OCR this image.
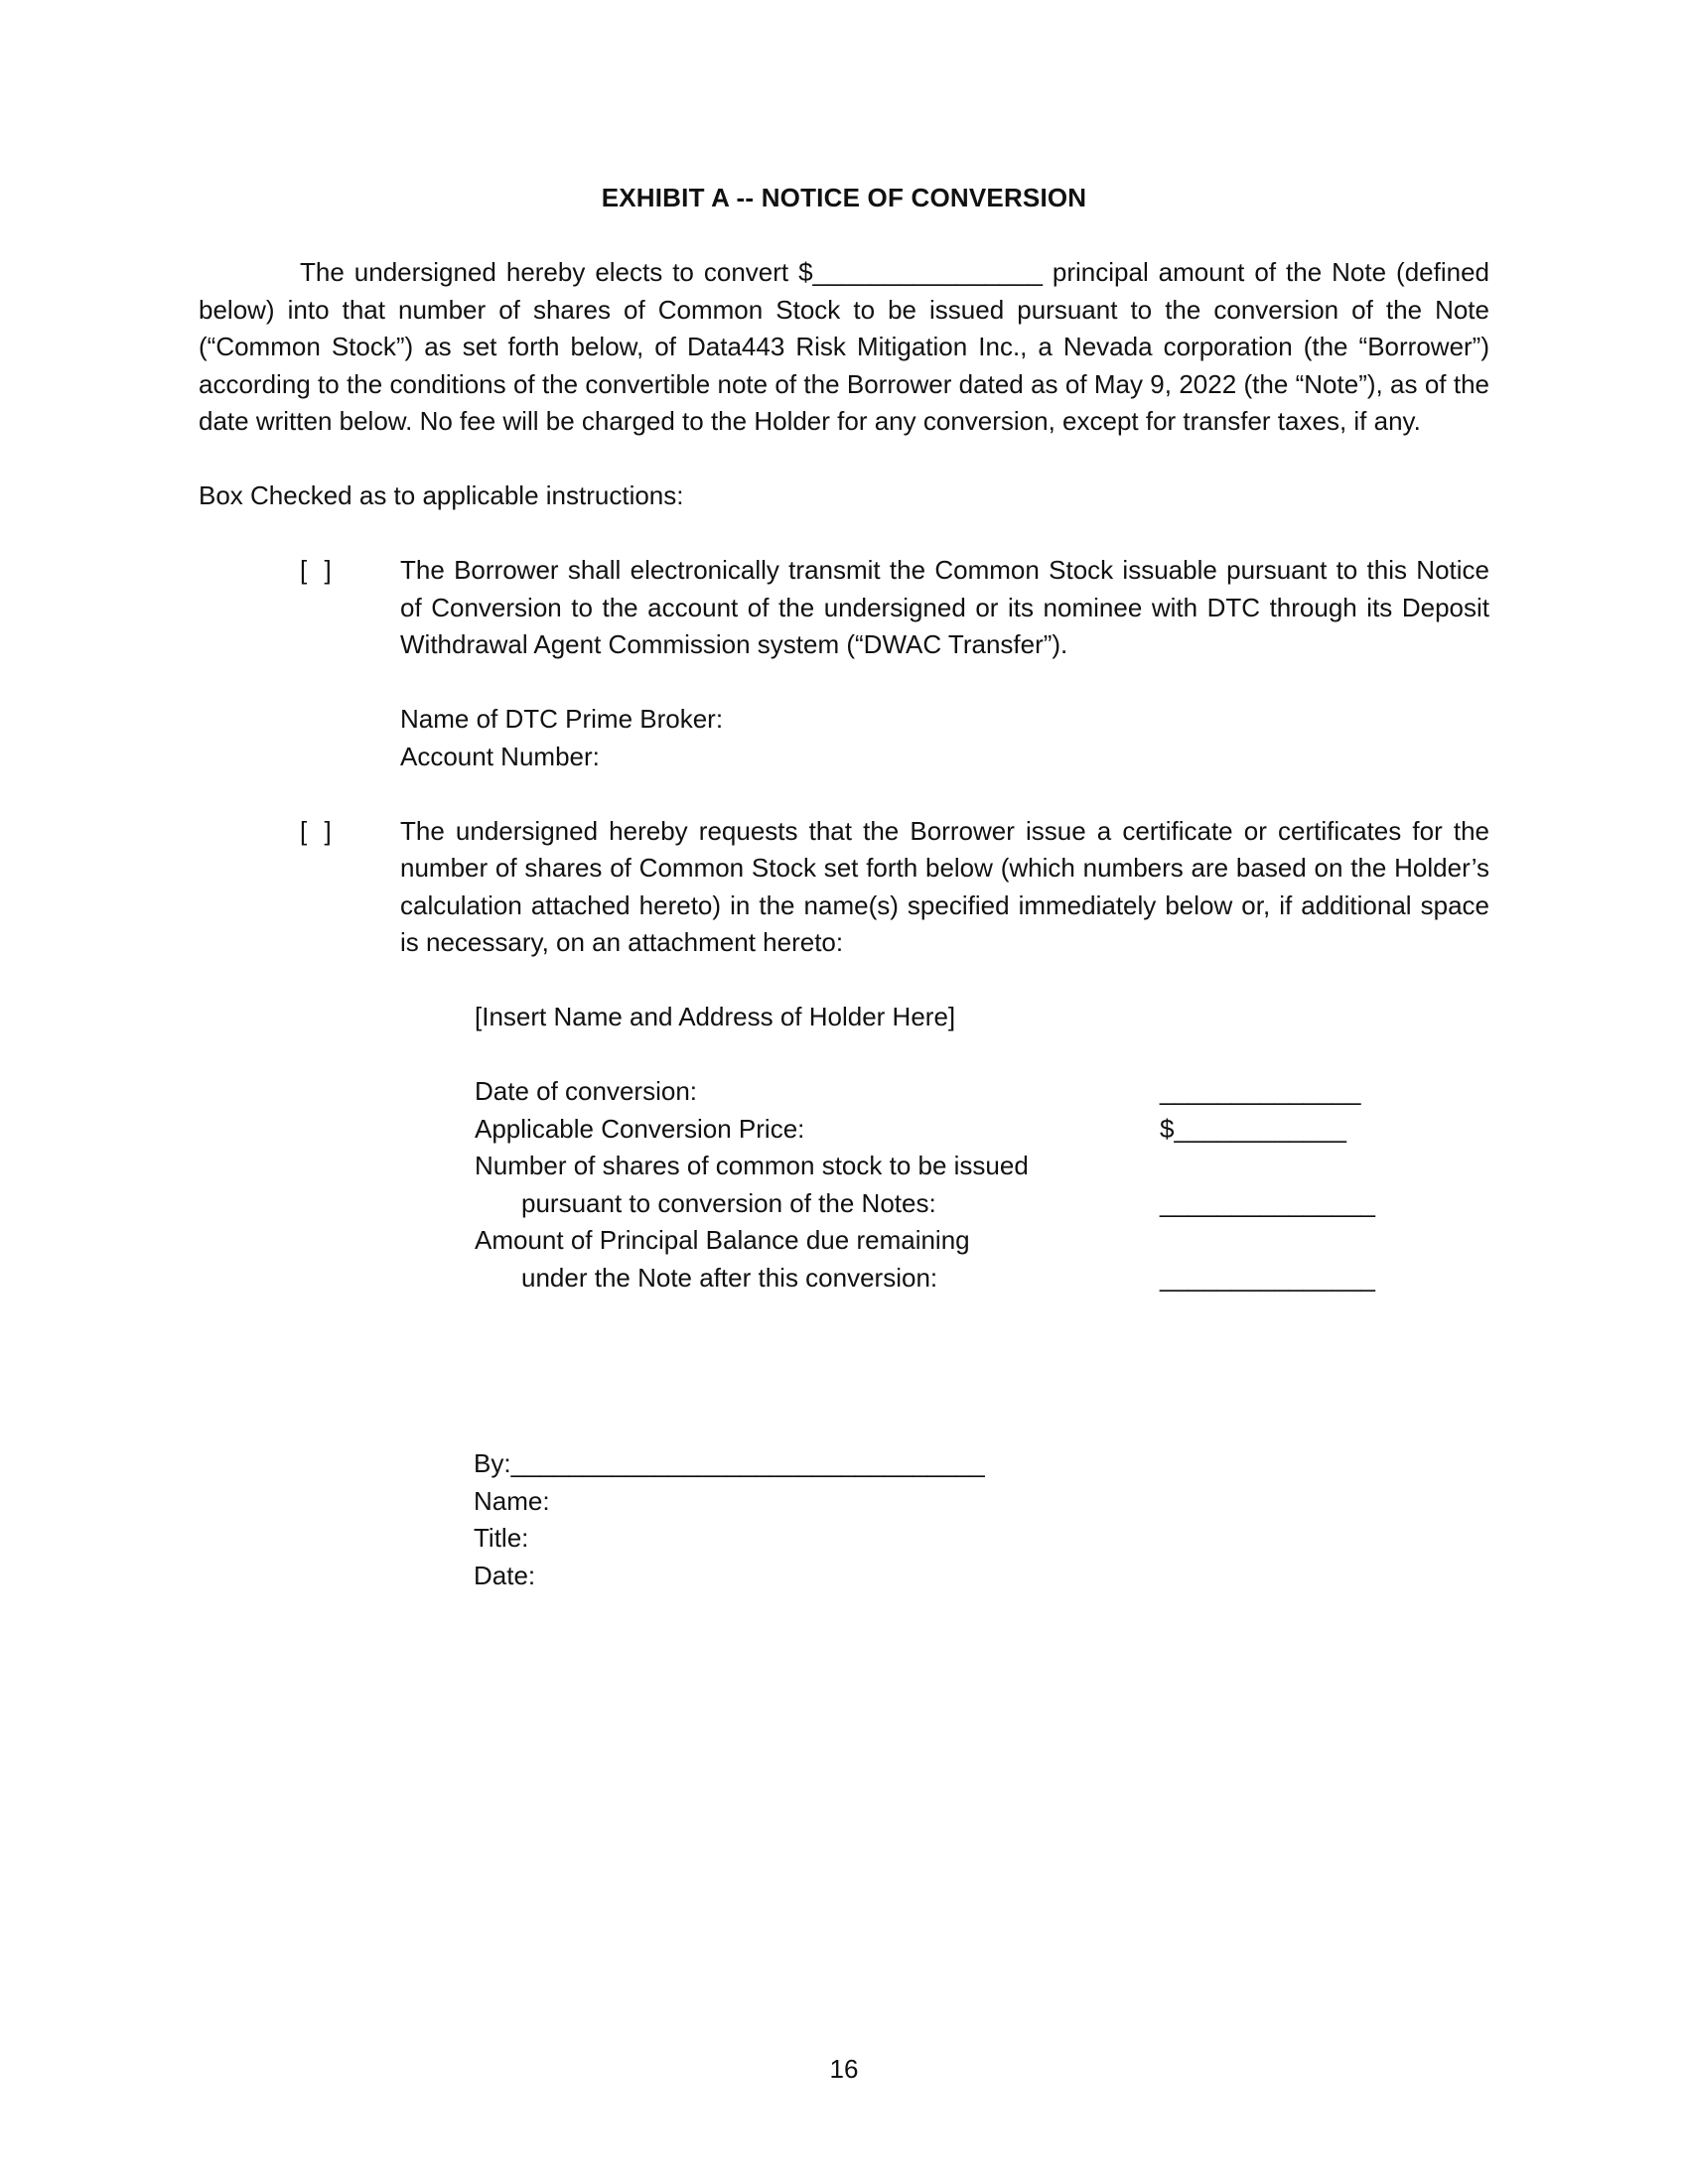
EXHIBIT A -- NOTICE OF CONVERSION
The undersigned hereby elects to convert $________________ principal amount of the Note (defined below) into that number of shares of Common Stock to be issued pursuant to the conversion of the Note (“Common Stock”) as set forth below, of Data443 Risk Mitigation Inc., a Nevada corporation (the “Borrower”) according to the conditions of the convertible note of the Borrower dated as of May 9, 2022 (the “Note”), as of the date written below. No fee will be charged to the Holder for any conversion, except for transfer taxes, if any.
Box Checked as to applicable instructions:
[ ]	The Borrower shall electronically transmit the Common Stock issuable pursuant to this Notice of Conversion to the account of the undersigned or its nominee with DTC through its Deposit Withdrawal Agent Commission system (“DWAC Transfer”).
Name of DTC Prime Broker:
Account Number:
[ ]	The undersigned hereby requests that the Borrower issue a certificate or certificates for the number of shares of Common Stock set forth below (which numbers are based on the Holder’s calculation attached hereto) in the name(s) specified immediately below or, if additional space is necessary, on an attachment hereto:
[Insert Name and Address of Holder Here]
Date of conversion:	______________
Applicable Conversion Price:	$____________
Number of shares of common stock to be issued
pursuant to conversion of the Notes:	_______________
Amount of Principal Balance due remaining
under the Note after this conversion:	_______________
By:_________________________________
Name:
Title:
Date:
16
